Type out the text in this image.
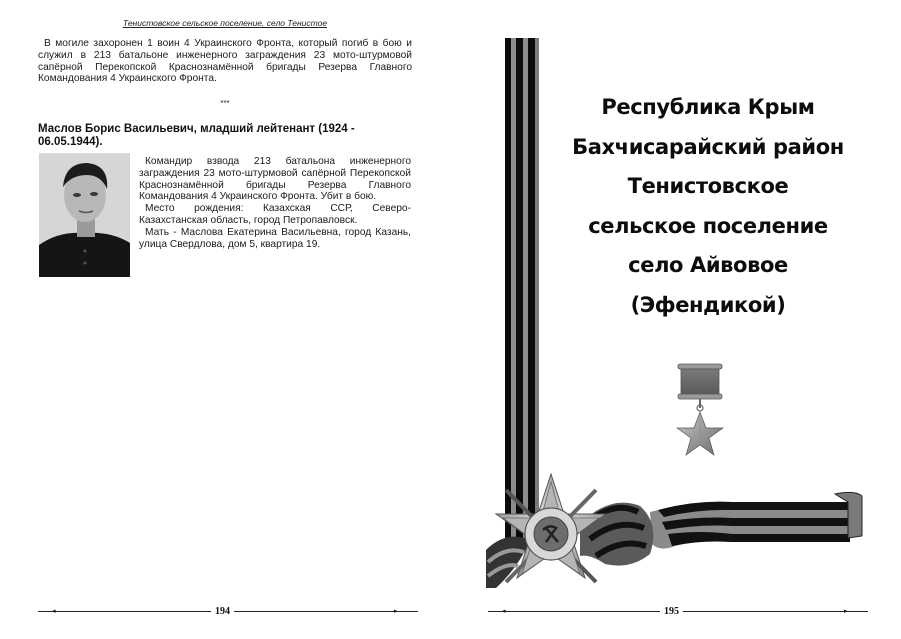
Тенистовское сельское поселение, село Тенистое
В могиле захоронен 1 воин 4 Украинского Фронта, который погиб в бою и служил в 213 батальоне инженерного заграждения 23 мото-штурмовой сапёрной Перекопской Краснознамённой бригады Резерва Главного Командования 4 Украинского Фронта.
***
Маслов Борис Васильевич, младший лейтенант (1924 - 06.05.1944).

Командир взвода 213 батальона инженерного заграждения 23 мото-штурмовой сапёрной Перекопской Краснознамённой бригады Резерва Главного Командования 4 Украинского Фронта. Убит в бою.

Место рождения: Казахская ССР, Северо-Казахстанская область, город Петропавловск.

Мать - Маслова Екатерина Васильевна, город Казань, улица Свердлова, дом 5, квартира 19.

◂	▸
194
Республика Крым
Бахчисарайский район
Тенистовское
сельское поселение
село Айвовое
(Эфендикой)
◂	▸
195
